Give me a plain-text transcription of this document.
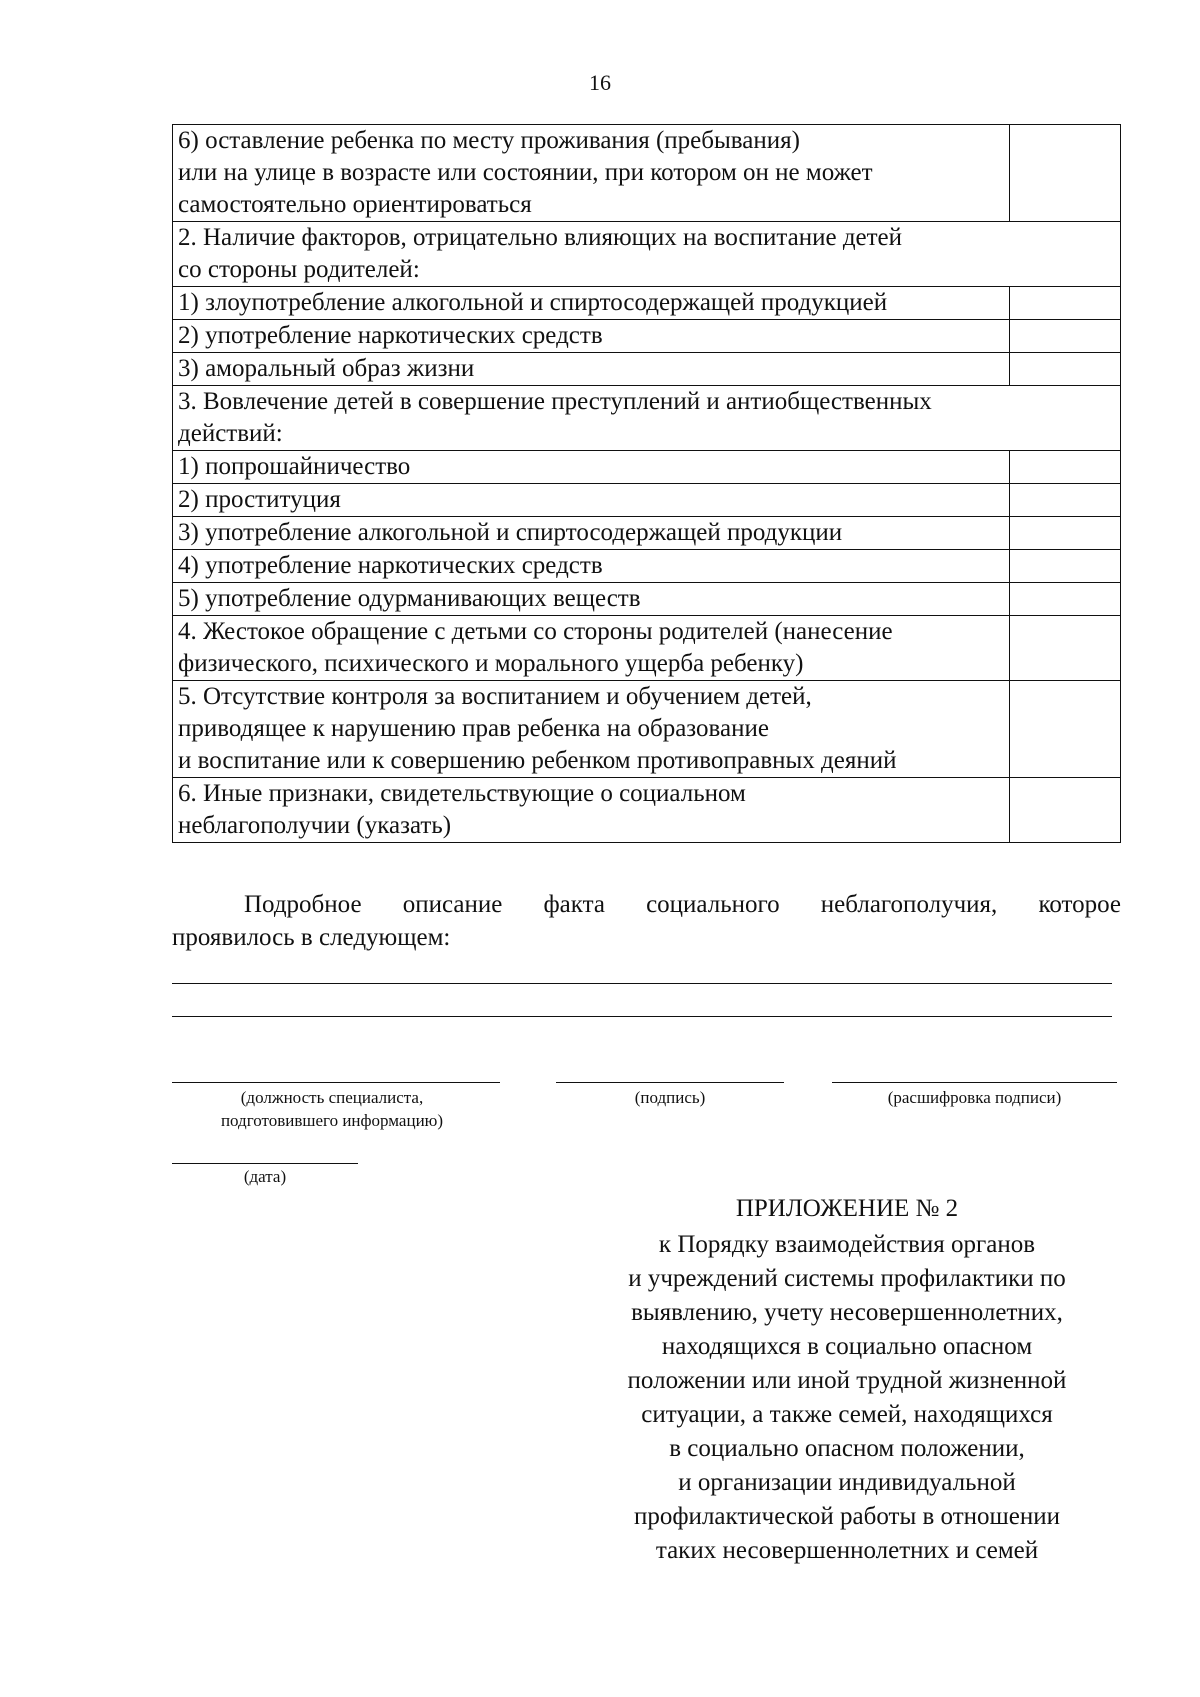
16
6) оставление ребенка по месту проживания (пребывания)
или на улице в возрасте или состоянии, при котором он не может
самостоятельно ориентироваться	
2. Наличие факторов, отрицательно влияющих на воспитание детей
со стороны родителей:	
1) злоупотребление алкогольной и спиртосодержащей продукцией	
2) употребление наркотических средств	
3) аморальный образ жизни	
3. Вовлечение детей в совершение преступлений и антиобщественных
действий:	
1) попрошайничество	
2) проституция	
3) употребление алкогольной и спиртосодержащей продукции	
4) употребление наркотических средств	
5) употребление одурманивающих веществ	
4. Жестокое обращение с детьми со стороны родителей (нанесение
физического, психического и морального ущерба ребенку)	
5. Отсутствие контроля за воспитанием и обучением детей,
приводящее к нарушению прав ребенка на образование
и воспитание или к совершению ребенком противоправных деяний	
6. Иные признаки, свидетельствующие о социальном
неблагополучии (указать)	
Подробное описание факта социального неблагополучия, которое
проявилось в следующем:
(должность специалиста,
подготовившего информацию)
(подпись)	(расшифровка подписи)
(дата)
ПРИЛОЖЕНИЕ № 2
к Порядку взаимодействия органов
и учреждений системы профилактики по
выявлению, учету несовершеннолетних,
находящихся в социально опасном
положении или иной трудной жизненной
ситуации, а также семей, находящихся
в социально опасном положении,
и организации индивидуальной
профилактической работы в отношении
таких несовершеннолетних и семей
